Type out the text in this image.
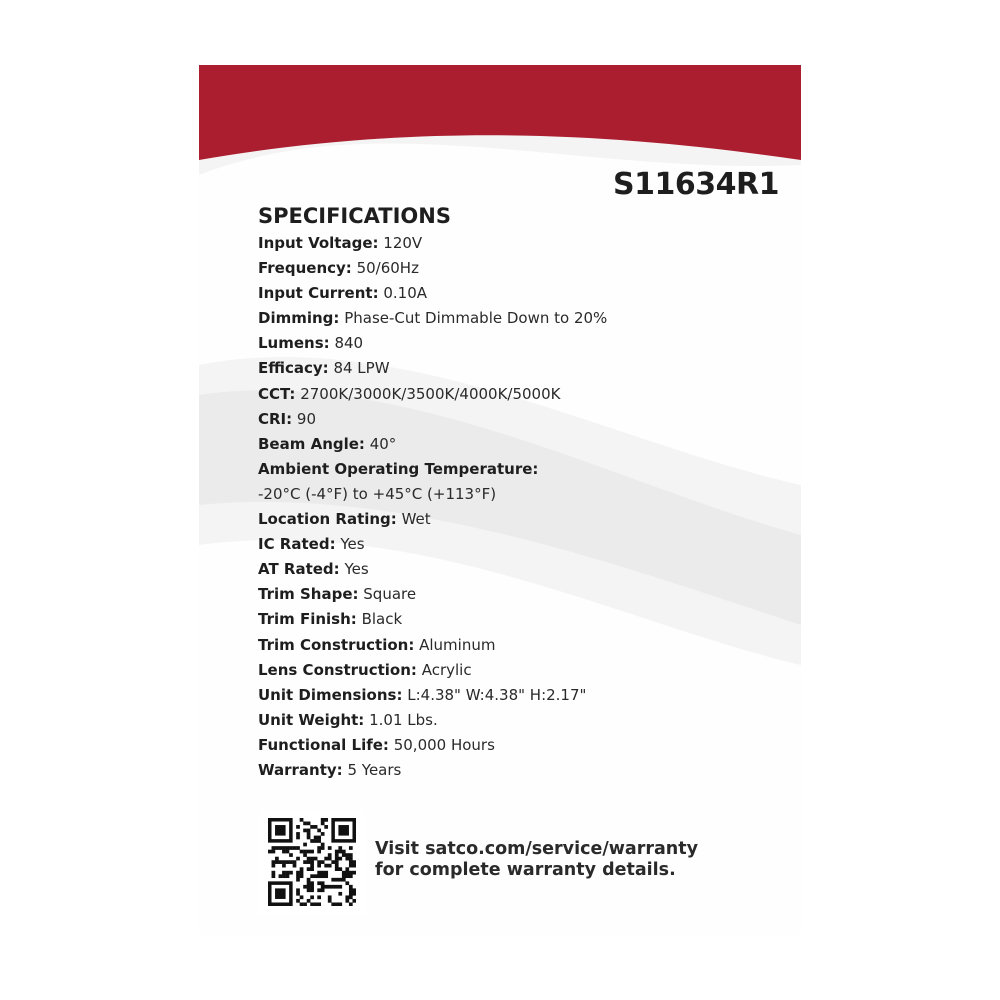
S11634R1
SPECIFICATIONS
Input Voltage: 120V
Frequency: 50/60Hz
Input Current: 0.10A
Dimming: Phase-Cut Dimmable Down to 20%
Lumens: 840
Efficacy: 84 LPW
CCT: 2700K/3000K/3500K/4000K/5000K
CRI: 90
Beam Angle: 40°
Ambient Operating Temperature:
-20°C (-4°F) to +45°C (+113°F)
Location Rating: Wet
IC Rated: Yes
AT Rated: Yes
Trim Shape: Square
Trim Finish: Black
Trim Construction: Aluminum
Lens Construction: Acrylic
Unit Dimensions: L:4.38" W:4.38" H:2.17"
Unit Weight: 1.01 Lbs.
Functional Life: 50,000 Hours
Warranty: 5 Years
Visit satco.com/service/warranty
for complete warranty details.
